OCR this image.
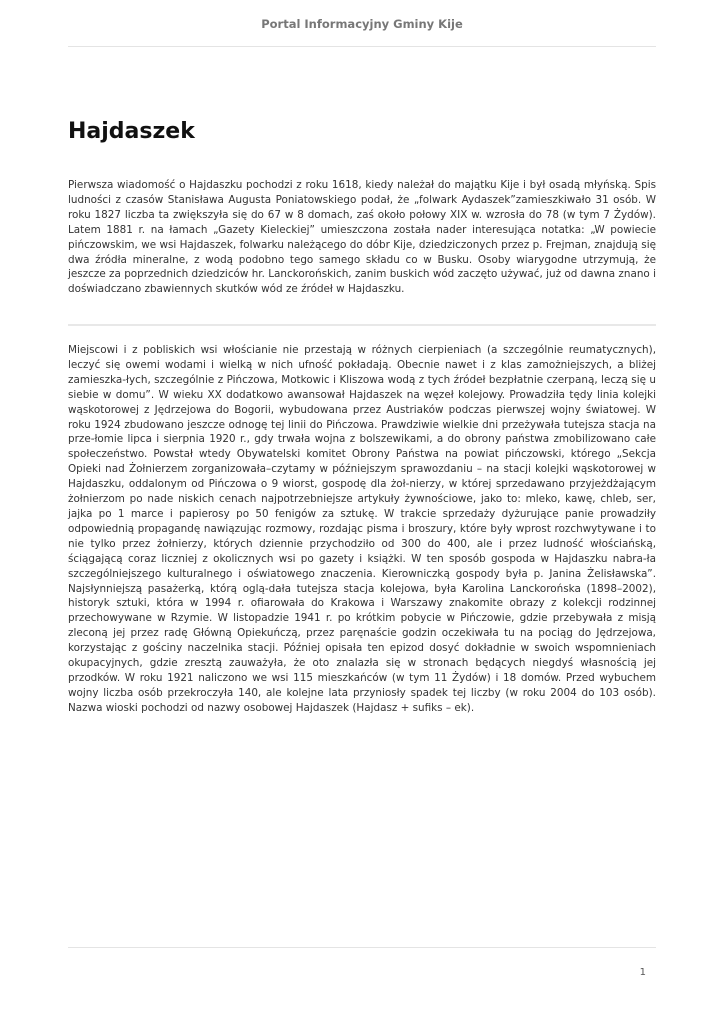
Portal Informacyjny Gminy Kije
Hajdaszek

Pierwsza wiadomość o Hajdaszku pochodzi z roku 1618, kiedy należał do majątku Kije i był osadą młyńską. Spis ludności z czasów Stanisława Augusta Poniatowskiego podał, że „folwark Aydaszek”zamieszkiwało 31 osób. W roku 1827 liczba ta zwiększyła się do 67 w 8 domach, zaś około połowy XIX w. wzrosła do 78 (w tym 7 Żydów). Latem 1881 r. na łamach „Gazety Kieleckiej” umieszczona została nader interesująca notatka: „W powiecie pińczowskim, we wsi Hajdaszek, folwarku należącego do dóbr Kije, dziedziczonych przez p. Frejman, znajdują się dwa źródła mineralne, z wodą podobno tego samego składu co w Busku. Osoby wiarygodne utrzymują, że jeszcze za poprzednich dziedziców hr. Lanckorońskich, zanim buskich wód zaczęto używać, już od dawna znano i doświadczano zbawiennych skutków wód ze źródeł w Hajdaszku.

Miejscowi i z pobliskich wsi włościanie nie przestają w różnych cierpieniach (a szczególnie reumatycznych), leczyć się owemi wodami i wielką w nich ufność pokładają. Obecnie nawet i z klas zamożniejszych, a bliżej zamieszka-łych, szczególnie z Pińczowa, Motkowic i Kliszowa wodą z tych źródeł bezpłatnie czerpaną, leczą się u siebie w domu”. W wieku XX dodatkowo awansował Hajdaszek na węzeł kolejowy. Prowadziła tędy linia kolejki wąskotorowej z Jędrzejowa do Bogorii, wybudowana przez Austriaków podczas pierwszej wojny światowej. W roku 1924 zbudowano jeszcze odnogę tej linii do Pińczowa. Prawdziwie wielkie dni przeżywała tutejsza stacja na prze-łomie lipca i sierpnia 1920 r., gdy trwała wojna z bolszewikami, a do obrony państwa zmobilizowano całe społeczeństwo. Powstał wtedy Obywatelski komitet Obrony Państwa na powiat pińczowski, którego „Sekcja Opieki nad Żołnierzem zorganizowała–czytamy w późniejszym sprawozdaniu – na stacji kolejki wąskotorowej w Hajdaszku, oddalonym od Pińczowa o 9 wiorst, gospodę dla żoł-nierzy, w której sprzedawano przyjeżdżającym żołnierzom po nade niskich cenach najpotrzebniejsze artykuły żywnościowe, jako to: mleko, kawę, chleb, ser, jajka po 1 marce i papierosy po 50 fenigów za sztukę. W trakcie sprzedaży dyżurujące panie prowadziły odpowiednią propagandę nawiązując rozmowy, rozdając pisma i broszury, które były wprost rozchwytywane i to nie tylko przez żołnierzy, których dziennie przychodziło od 300 do 400, ale i przez ludność włościańską, ściągającą coraz liczniej z okolicznych wsi po gazety i książki. W ten sposób gospoda w Hajdaszku nabra-ła szczególniejszego kulturalnego i oświatowego znaczenia. Kierowniczką gospody była p. Janina Żelisławska”. Najsłynniejszą pasażerką, którą oglą-dała tutejsza stacja kolejowa, była Karolina Lanckorońska (1898–2002), historyk sztuki, która w 1994 r. ofiarowała do Krakowa i Warszawy znakomite obrazy z kolekcji rodzinnej przechowywane w Rzymie. W listopadzie 1941 r. po krótkim pobycie w Pińczowie, gdzie przebywała z misją zleconą jej przez radę Główną Opiekuńczą, przez paręnaście godzin oczekiwała tu na pociąg do Jędrzejowa, korzystając z gościny naczelnika stacji. Później opisała ten epizod dosyć dokładnie w swoich wspomnieniach okupacyjnych, gdzie zresztą zauważyła, że oto znalazła się w stronach będących niegdyś własnością jej przodków. W roku 1921 naliczono we wsi 115 mieszkańców (w tym 11 Żydów) i 18 domów. Przed wybuchem wojny liczba osób przekroczyła 140, ale kolejne lata przyniosły spadek tej liczby (w roku 2004 do 103 osób). Nazwa wioski pochodzi od nazwy osobowej Hajdaszek (Hajdasz + sufiks – ek).

1
